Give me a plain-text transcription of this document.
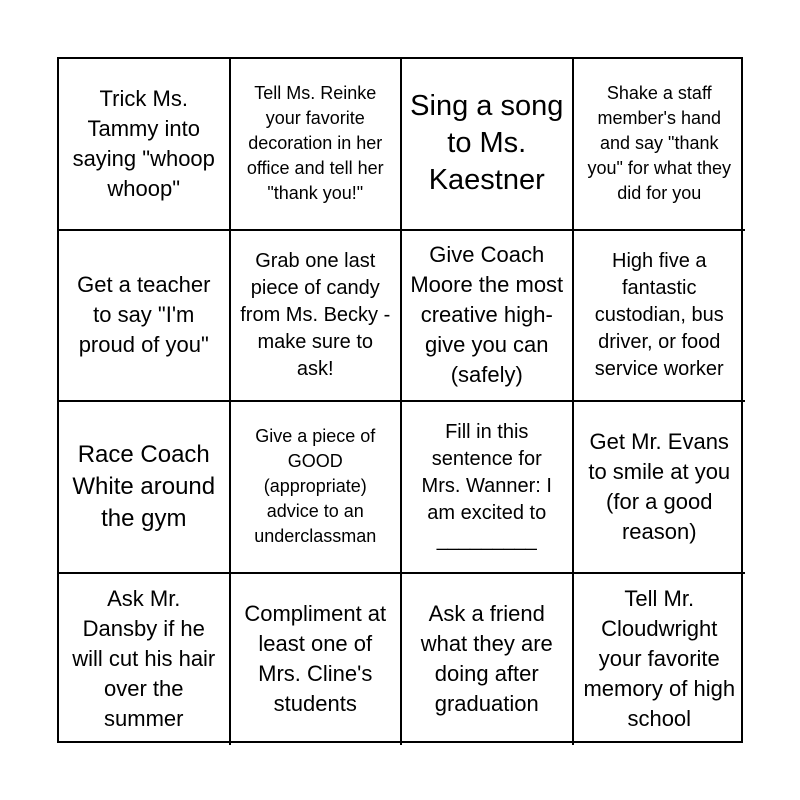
Trick Ms. Tammy into saying "whoop whoop"
Tell Ms. Reinke your favorite decoration in her office and tell her "thank you!"
Sing a song to Ms. Kaestner
Shake a staff member's hand and say "thank you" for what they did for you
Get a teacher to say "I'm proud of you"
Grab one last piece of candy from Ms. Becky - make sure to ask!
Give Coach Moore the most creative high-give you can (safely)
High five a fantastic custodian, bus driver, or food service worker
Race Coach White around the gym
Give a piece of GOOD (appropriate) advice to an underclassman
Fill in this sentence for Mrs. Wanner: I am excited to _________
Get Mr. Evans to smile at you (for a good reason)
Ask Mr. Dansby if he will cut his hair over the summer
Compliment at least one of Mrs. Cline's students
Ask a friend what they are doing after graduation
Tell Mr. Cloudwright your favorite memory of high school
